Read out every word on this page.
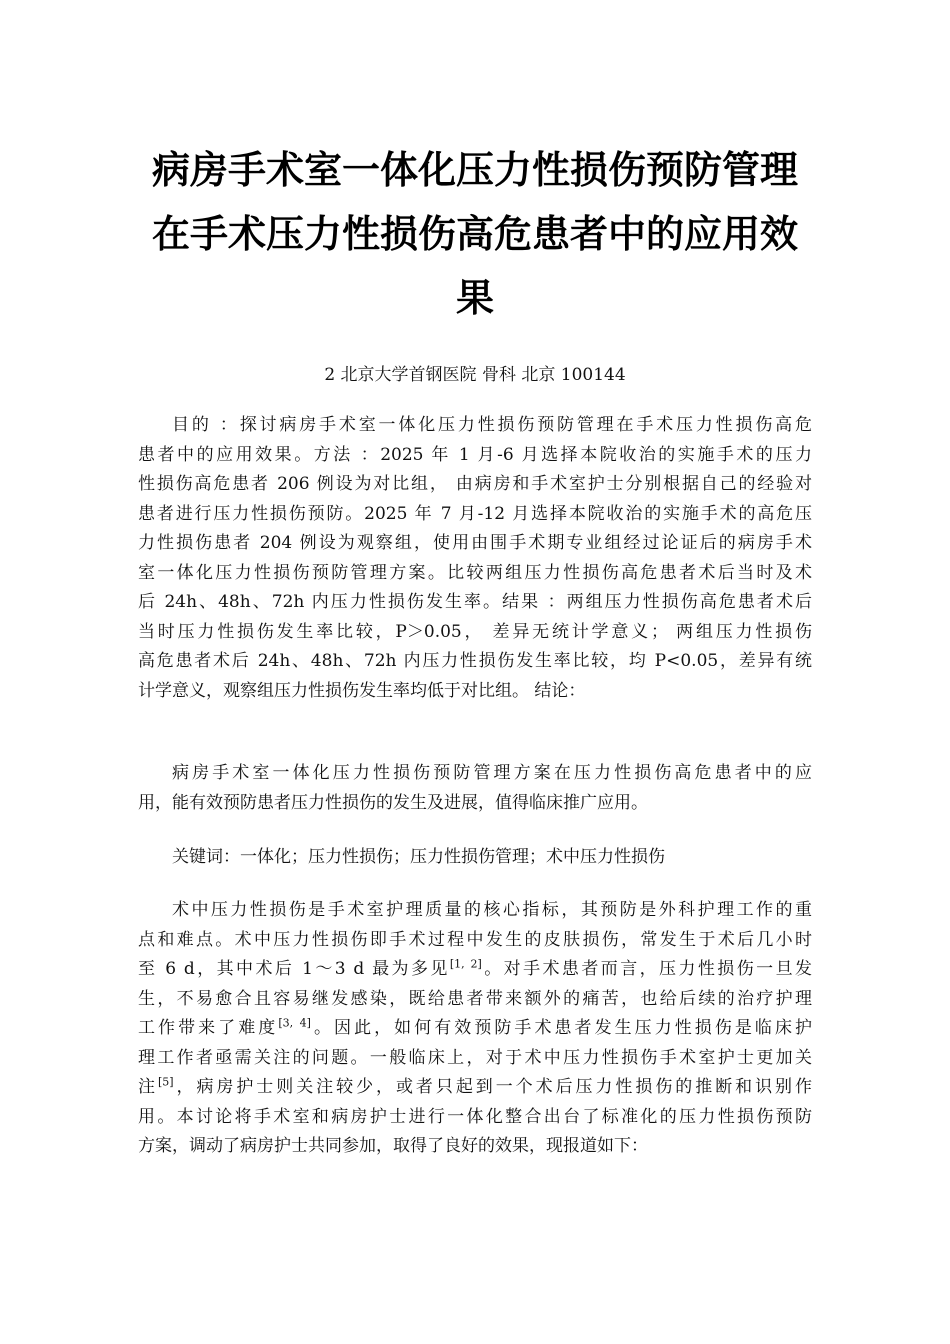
病房手术室一体化压力性损伤预防管理
在手术压力性损伤高危患者中的应用效
果
2 北京大学首钢医院 骨科 北京 100144

目的 ：探讨病房手术室一体化压力性损伤预防管理在手术压力性损伤高危
患者中的应用效果。方法 ：2025 年 1 月-6 月选择本院收治的实施手术的压力
性损伤高危患者 206 例设为对比组， 由病房和手术室护士分别根据自己的经验对
患者进行压力性损伤预防。2025 年 7 月-12 月选择本院收治的实施手术的高危压
力性损伤患者 204 例设为观察组，使用由围手术期专业组经过论证后的病房手术
室一体化压力性损伤预防管理方案。比较两组压力性损伤高危患者术后当时及术
后 24h、48h、72h 内压力性损伤发生率。结果 ：两组压力性损伤高危患者术后
当时压力性损伤发生率比较，P＞0.05， 差异无统计学意义； 两组压力性损伤
高危患者术后 24h、48h、72h 内压力性损伤发生率比较，均 P<0.05，差异有统
计学意义，观察组压力性损伤发生率均低于对比组。 结论：

病房手术室一体化压力性损伤预防管理方案在压力性损伤高危患者中的应
用，能有效预防患者压力性损伤的发生及进展，值得临床推广应用。

关键词：一体化；压力性损伤；压力性损伤管理；术中压力性损伤

术中压力性损伤是手术室护理质量的核心指标，其预防是外科护理工作的重
点和难点。术中压力性损伤即手术过程中发生的皮肤损伤，常发生于术后几小时
至 6 d，其中术后 1～3 d 最为多见[1, 2]。对手术患者而言，压力性损伤一旦发
生，不易愈合且容易继发感染，既给患者带来额外的痛苦，也给后续的治疗护理
工作带来了难度[3, 4]。因此，如何有效预防手术患者发生压力性损伤是临床护
理工作者亟需关注的问题。一般临床上，对于术中压力性损伤手术室护士更加关
注[5]，病房护士则关注较少，或者只起到一个术后压力性损伤的推断和识别作
用。本讨论将手术室和病房护士进行一体化整合出台了标准化的压力性损伤预防
方案，调动了病房护士共同参加，取得了良好的效果，现报道如下：
